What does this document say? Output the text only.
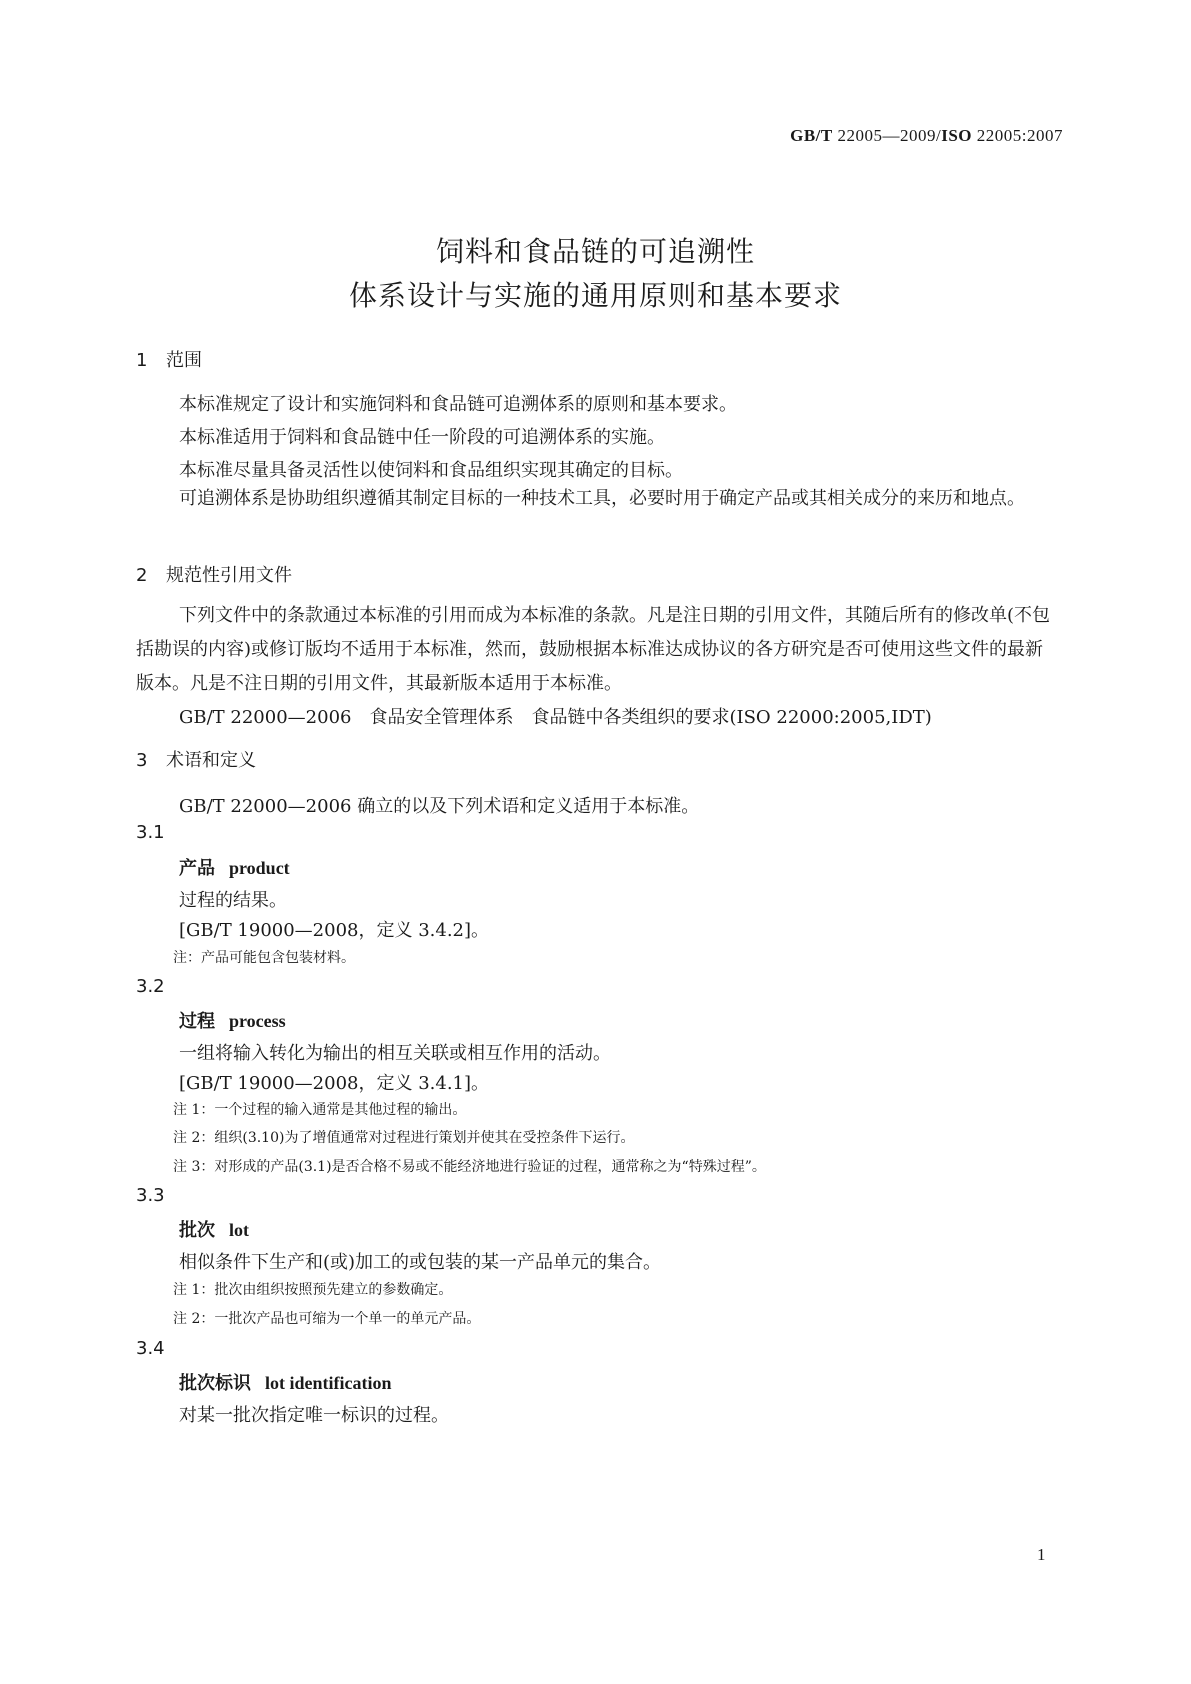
GB/T 22005—2009/ISO 22005:2007
饲料和食品链的可追溯性
体系设计与实施的通用原则和基本要求
1 范围
本标准规定了设计和实施饲料和食品链可追溯体系的原则和基本要求。
本标准适用于饲料和食品链中任一阶段的可追溯体系的实施。
本标准尽量具备灵活性以使饲料和食品组织实现其确定的目标。
可追溯体系是协助组织遵循其制定目标的一种技术工具，必要时用于确定产品或其相关成分的来历和地点。
2 规范性引用文件
下列文件中的条款通过本标准的引用而成为本标准的条款。凡是注日期的引用文件，其随后所有的修改单(不包括勘误的内容)或修订版均不适用于本标准，然而，鼓励根据本标准达成协议的各方研究是否可使用这些文件的最新版本。凡是不注日期的引用文件，其最新版本适用于本标准。
GB/T 22000—2006　食品安全管理体系　食品链中各类组织的要求(ISO 22000:2005,IDT)
3 术语和定义
GB/T 22000—2006 确立的以及下列术语和定义适用于本标准。
3.1
产品 product
过程的结果。
[GB/T 19000—2008，定义 3.4.2]。
注：产品可能包含包装材料。
3.2
过程 process
一组将输入转化为输出的相互关联或相互作用的活动。
[GB/T 19000—2008，定义 3.4.1]。
注 1：一个过程的输入通常是其他过程的输出。
注 2：组织(3.10)为了增值通常对过程进行策划并使其在受控条件下运行。
注 3：对形成的产品(3.1)是否合格不易或不能经济地进行验证的过程，通常称之为“特殊过程”。
3.3
批次 lot
相似条件下生产和(或)加工的或包装的某一产品单元的集合。
注 1：批次由组织按照预先建立的参数确定。
注 2：一批次产品也可缩为一个单一的单元产品。
3.4
批次标识 lot identification
对某一批次指定唯一标识的过程。
1
